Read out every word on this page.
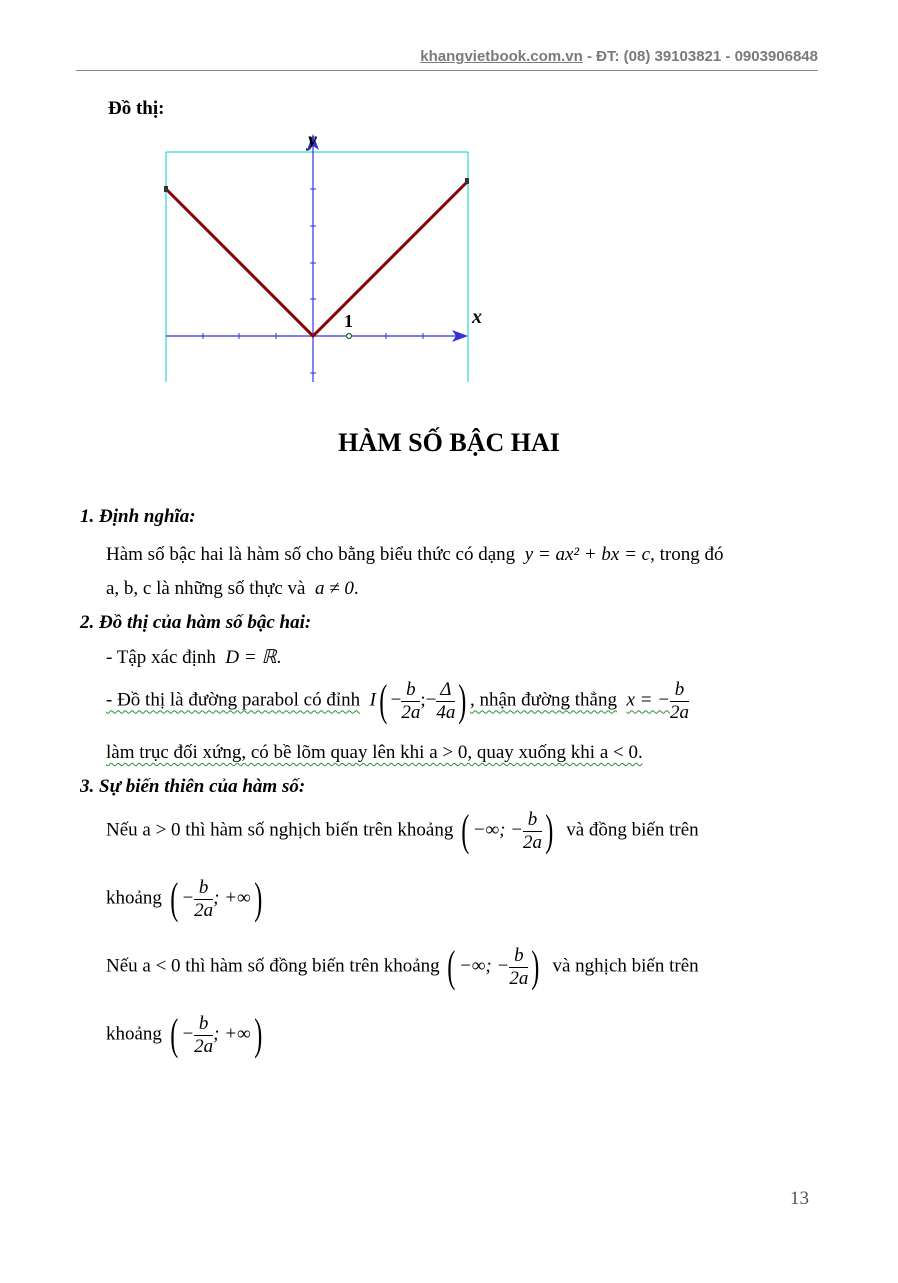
khangvietbook.com.vn - ĐT: (08) 39103821 - 0903906848
Đồ thị:
y
x
1
HÀM SỐ BẬC HAI
1. Định nghĩa:
Hàm số bậc hai là hàm số cho bằng biểu thức có dạng y = ax² + bx = c, trong đó
a, b, c là những số thực và a ≠ 0.
2. Đồ thị của hàm số bậc hai:
- Tập xác định D = ℝ.
- Đồ thị là đường parabol có đỉnh $I( - \frac{b}{2a}$ ;− $\frac{\Delta}{4a}$ ) , nhận đường thẳng x = − $\frac{b}{2a}$
làm trục đối xứng, có bề lõm quay lên khi a > 0, quay xuống khi a < 0.
3. Sự biến thiên của hàm số:
Nếu a > 0 thì hàm số nghịch biến trên khoảng ( −∞; − $\frac{b}{2a}$ ) và đồng biến trên
khoảng ( − $\frac{b}{2a}$ ; +∞)
Nếu a < 0 thì hàm số đồng biến trên khoảng ( −∞; − $\frac{b}{2a}$ ) và nghịch biến trên
khoảng ( − $\frac{b}{2a}$ ; +∞)
13
